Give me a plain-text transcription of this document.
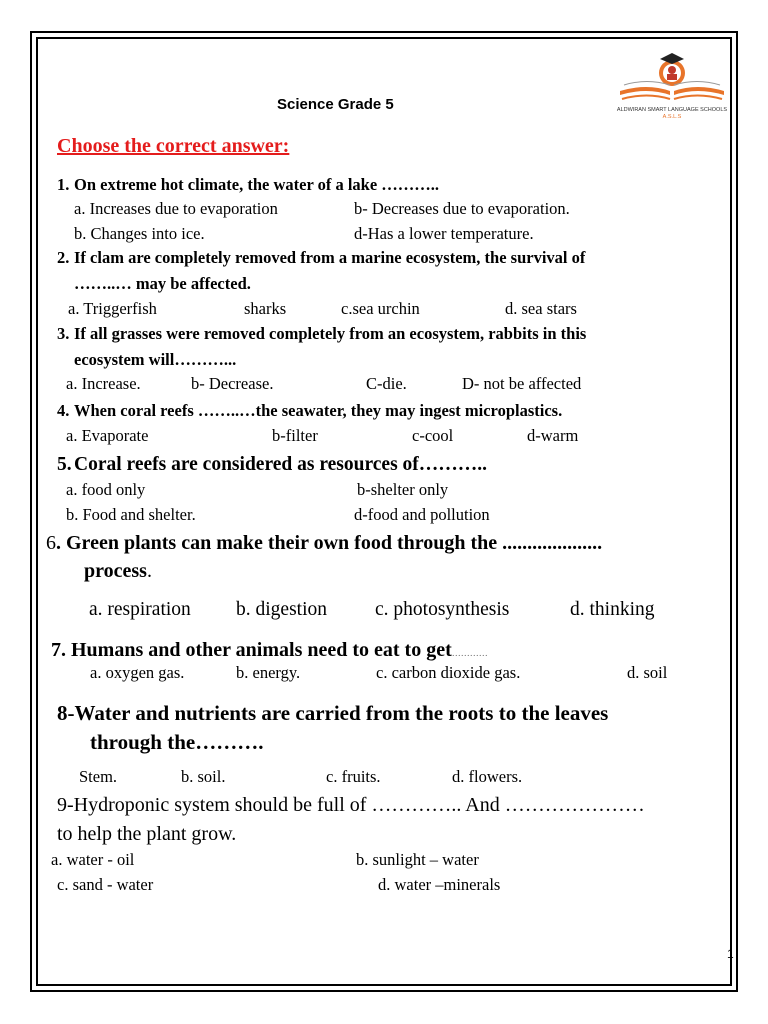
ALDWIRAN SMART LANGUAGE SCHOOLS
A.S.L.S
Science Grade 5
Choose the correct answer:
1. On extreme hot climate, the water of a lake ………..
a. Increases due to evaporation	b- Decreases due to evaporation.
b. Changes into ice.	d-Has a lower temperature.
2. If clam are completely removed from a marine ecosystem, the survival of
……..… may be affected.
a. Triggerfish	sharks	c.sea urchin	d. sea stars
3. If all grasses were removed completely from an ecosystem, rabbits in this
ecosystem will………...
a. Increase.	b- Decrease.	C-die.	D- not be affected
4. When coral reefs ……..…the seawater, they may ingest microplastics.
a. Evaporate	b-filter	c-cool	d-warm
5. Coral reefs are considered as resources of………..
a. food only	b-shelter only
b. Food and shelter.	d-food and pollution
6 . Green plants can make their own food through the ....................
process.
a. respiration b. digestion c. photosynthesis	d. thinking
7. Humans and other animals need to eat to get…………
a. oxygen gas.	b. energy.	c. carbon dioxide gas.	d. soil
8-Water and nutrients are carried from the roots to the leaves
through the……….
Stem.	b. soil.	c. fruits.	d. flowers.
9-Hydroponic system should be full of ………….. And …………………
to help the plant grow.
a. water - oil	b. sunlight – water
c. sand - water	d. water –minerals
1
